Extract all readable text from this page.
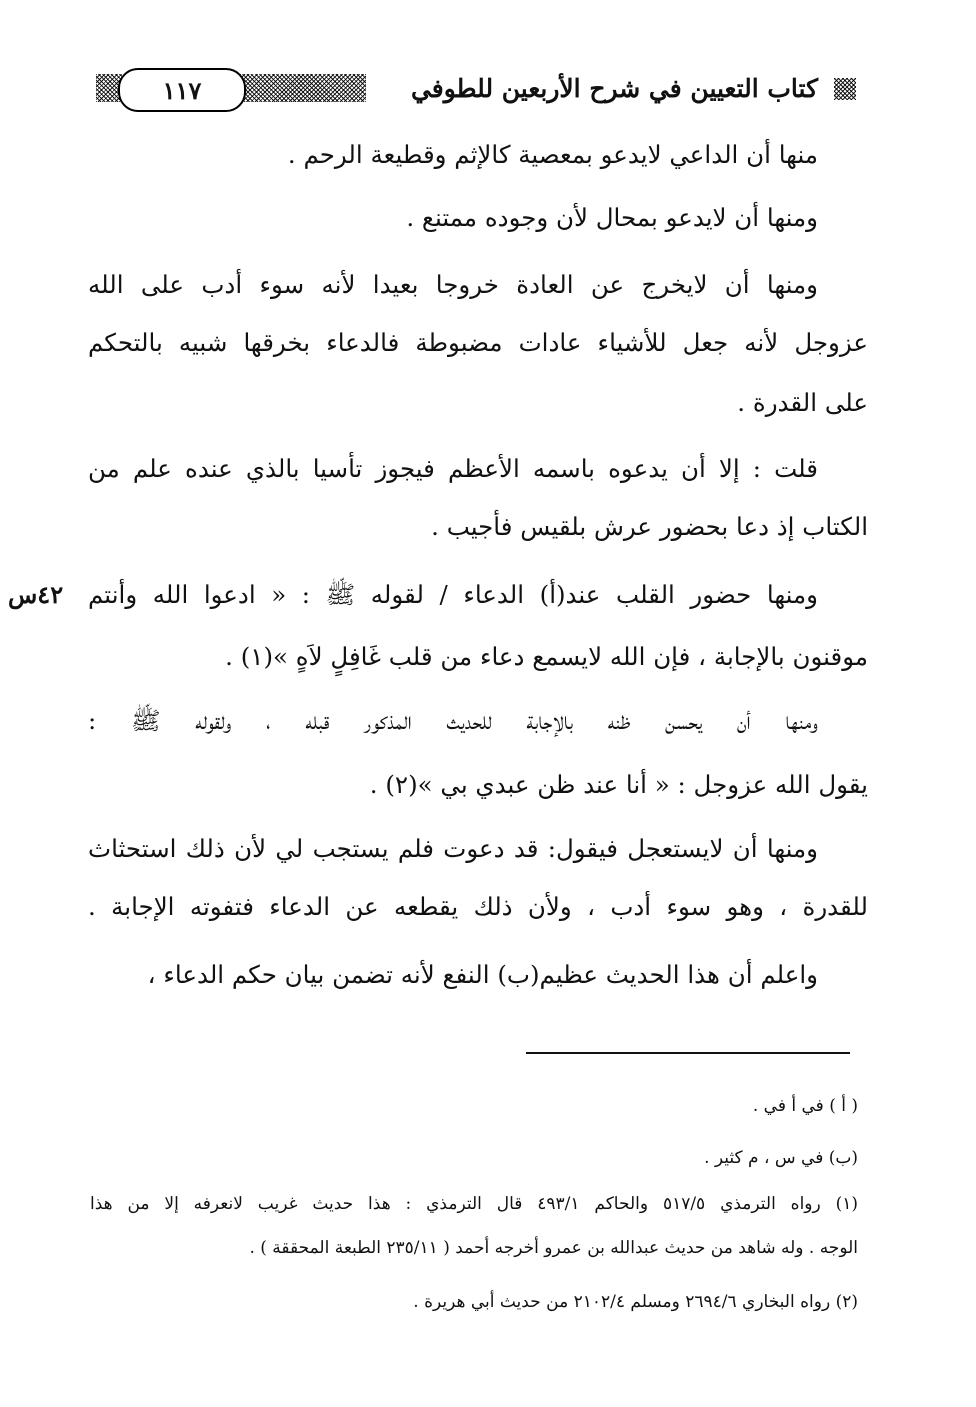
١١٧	كتاب التعيين في شرح الأربعين للطوفي
٤٢س
منها أن الداعي لايدعو بمعصية كالإثم وقطيعة الرحم .
ومنها أن لايدعو بمحال لأن وجوده ممتنع .
ومنها أن لايخرج عن العادة خروجا بعيدا لأنه سوء أدب على الله
عزوجل لأنه جعل للأشياء عادات مضبوطة فالدعاء بخرقها شبيه بالتحكم
على القدرة .
قلت : إلا أن يدعوه باسمه الأعظم فيجوز تأسيا بالذي عنده علم من
الكتاب إذ دعا بحضور عرش بلقيس فأجيب .
ومنها حضور القلب عند(أ) الدعاء / لقوله ﷺ : « ادعوا الله وأنتم
موقنون بالإجابة ، فإن الله لايسمع دعاء من قلب غَافِلٍ لاَهٍ »(١) .
ومنها أن يحسن ظنه بالإجابة للحديث المذكور قبله ، ولقوله ﷺ :
يقول الله عزوجل : « أنا عند ظن عبدي بي »(٢) .
ومنها أن لايستعجل فيقول: قد دعوت فلم يستجب لي لأن ذلك استحثاث
للقدرة ، وهو سوء أدب ، ولأن ذلك يقطعه عن الدعاء فتفوته الإجابة .
واعلم أن هذا الحديث عظيم(ب) النفع لأنه تضمن بيان حكم الدعاء ،
( أ ) في أ في .
(ب) في س ، م كثير .
(١) رواه الترمذي ٥١٧/٥ والحاكم ٤٩٣/١ قال الترمذي : هذا حديث غريب لانعرفه إلا من هذا
الوجه . وله شاهد من حديث عبدالله بن عمرو أخرجه أحمد ( ٢٣٥/١١ الطبعة المحققة ) .
(٢) رواه البخاري ٢٦٩٤/٦ ومسلم ٢١٠٢/٤ من حديث أبي هريرة .
